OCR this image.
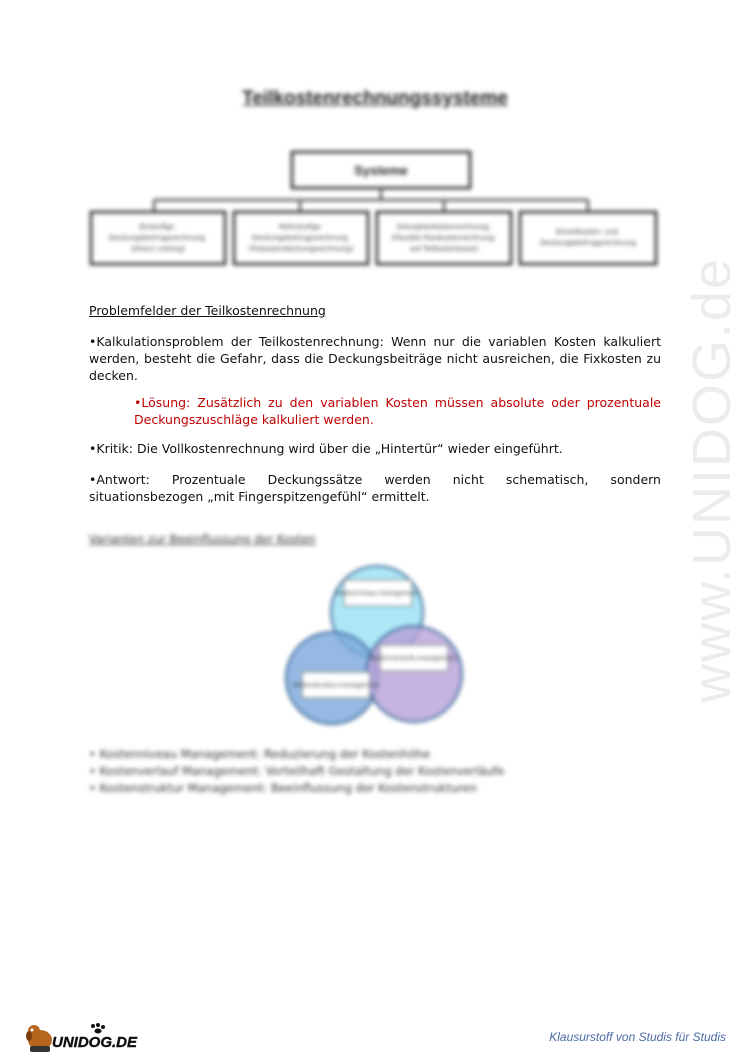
Teilkostenrechnungssysteme
Systeme
Einstufige Deckungsbeitragsrechnung (Direct costing)
Mehrstufige Deckungsbeitragsrechnung (Fixkostendeckungsrechnung)
Grenzplankostenrechnung (Flexible Plankostenrechnung auf Teilkostenbasis)
Einzelkosten- und Deckungsbeitragsrechnung
Problemfelder der Teilkostenrechnung
•Kalkulationsproblem der Teilkostenrechnung: Wenn nur die variablen Kosten kalkuliert werden, besteht die Gefahr, dass die Deckungsbeiträge nicht ausreichen, die Fixkosten zu decken.
•Lösung: Zusätzlich zu den variablen Kosten müssen absolute oder prozentuale Deckungszuschläge kalkuliert werden.
•Kritik: Die Vollkostenrechnung wird über die „Hintertür“ wieder eingeführt.
•Antwort: Prozentuale Deckungssätze werden nicht schematisch, sondern situationsbezogen „mit Fingerspitzengefühl“ ermittelt.	www.UNIDOG.de
Varianten zur Beeinflussung der Kosten
Kostenniveau-management
Kostenverlaufs-management
Kostenstruktur-management
• Kostenniveau Management: Reduzierung der Kostenhöhe
• Kostenverlauf Management: Vorteilhaft Gestaltung der Kostenverläufe
• Kostenstruktur Management: Beeinflussung der Kostenstrukturen
UNIDOG.DE	Klausurstoff von Studis für Studis
